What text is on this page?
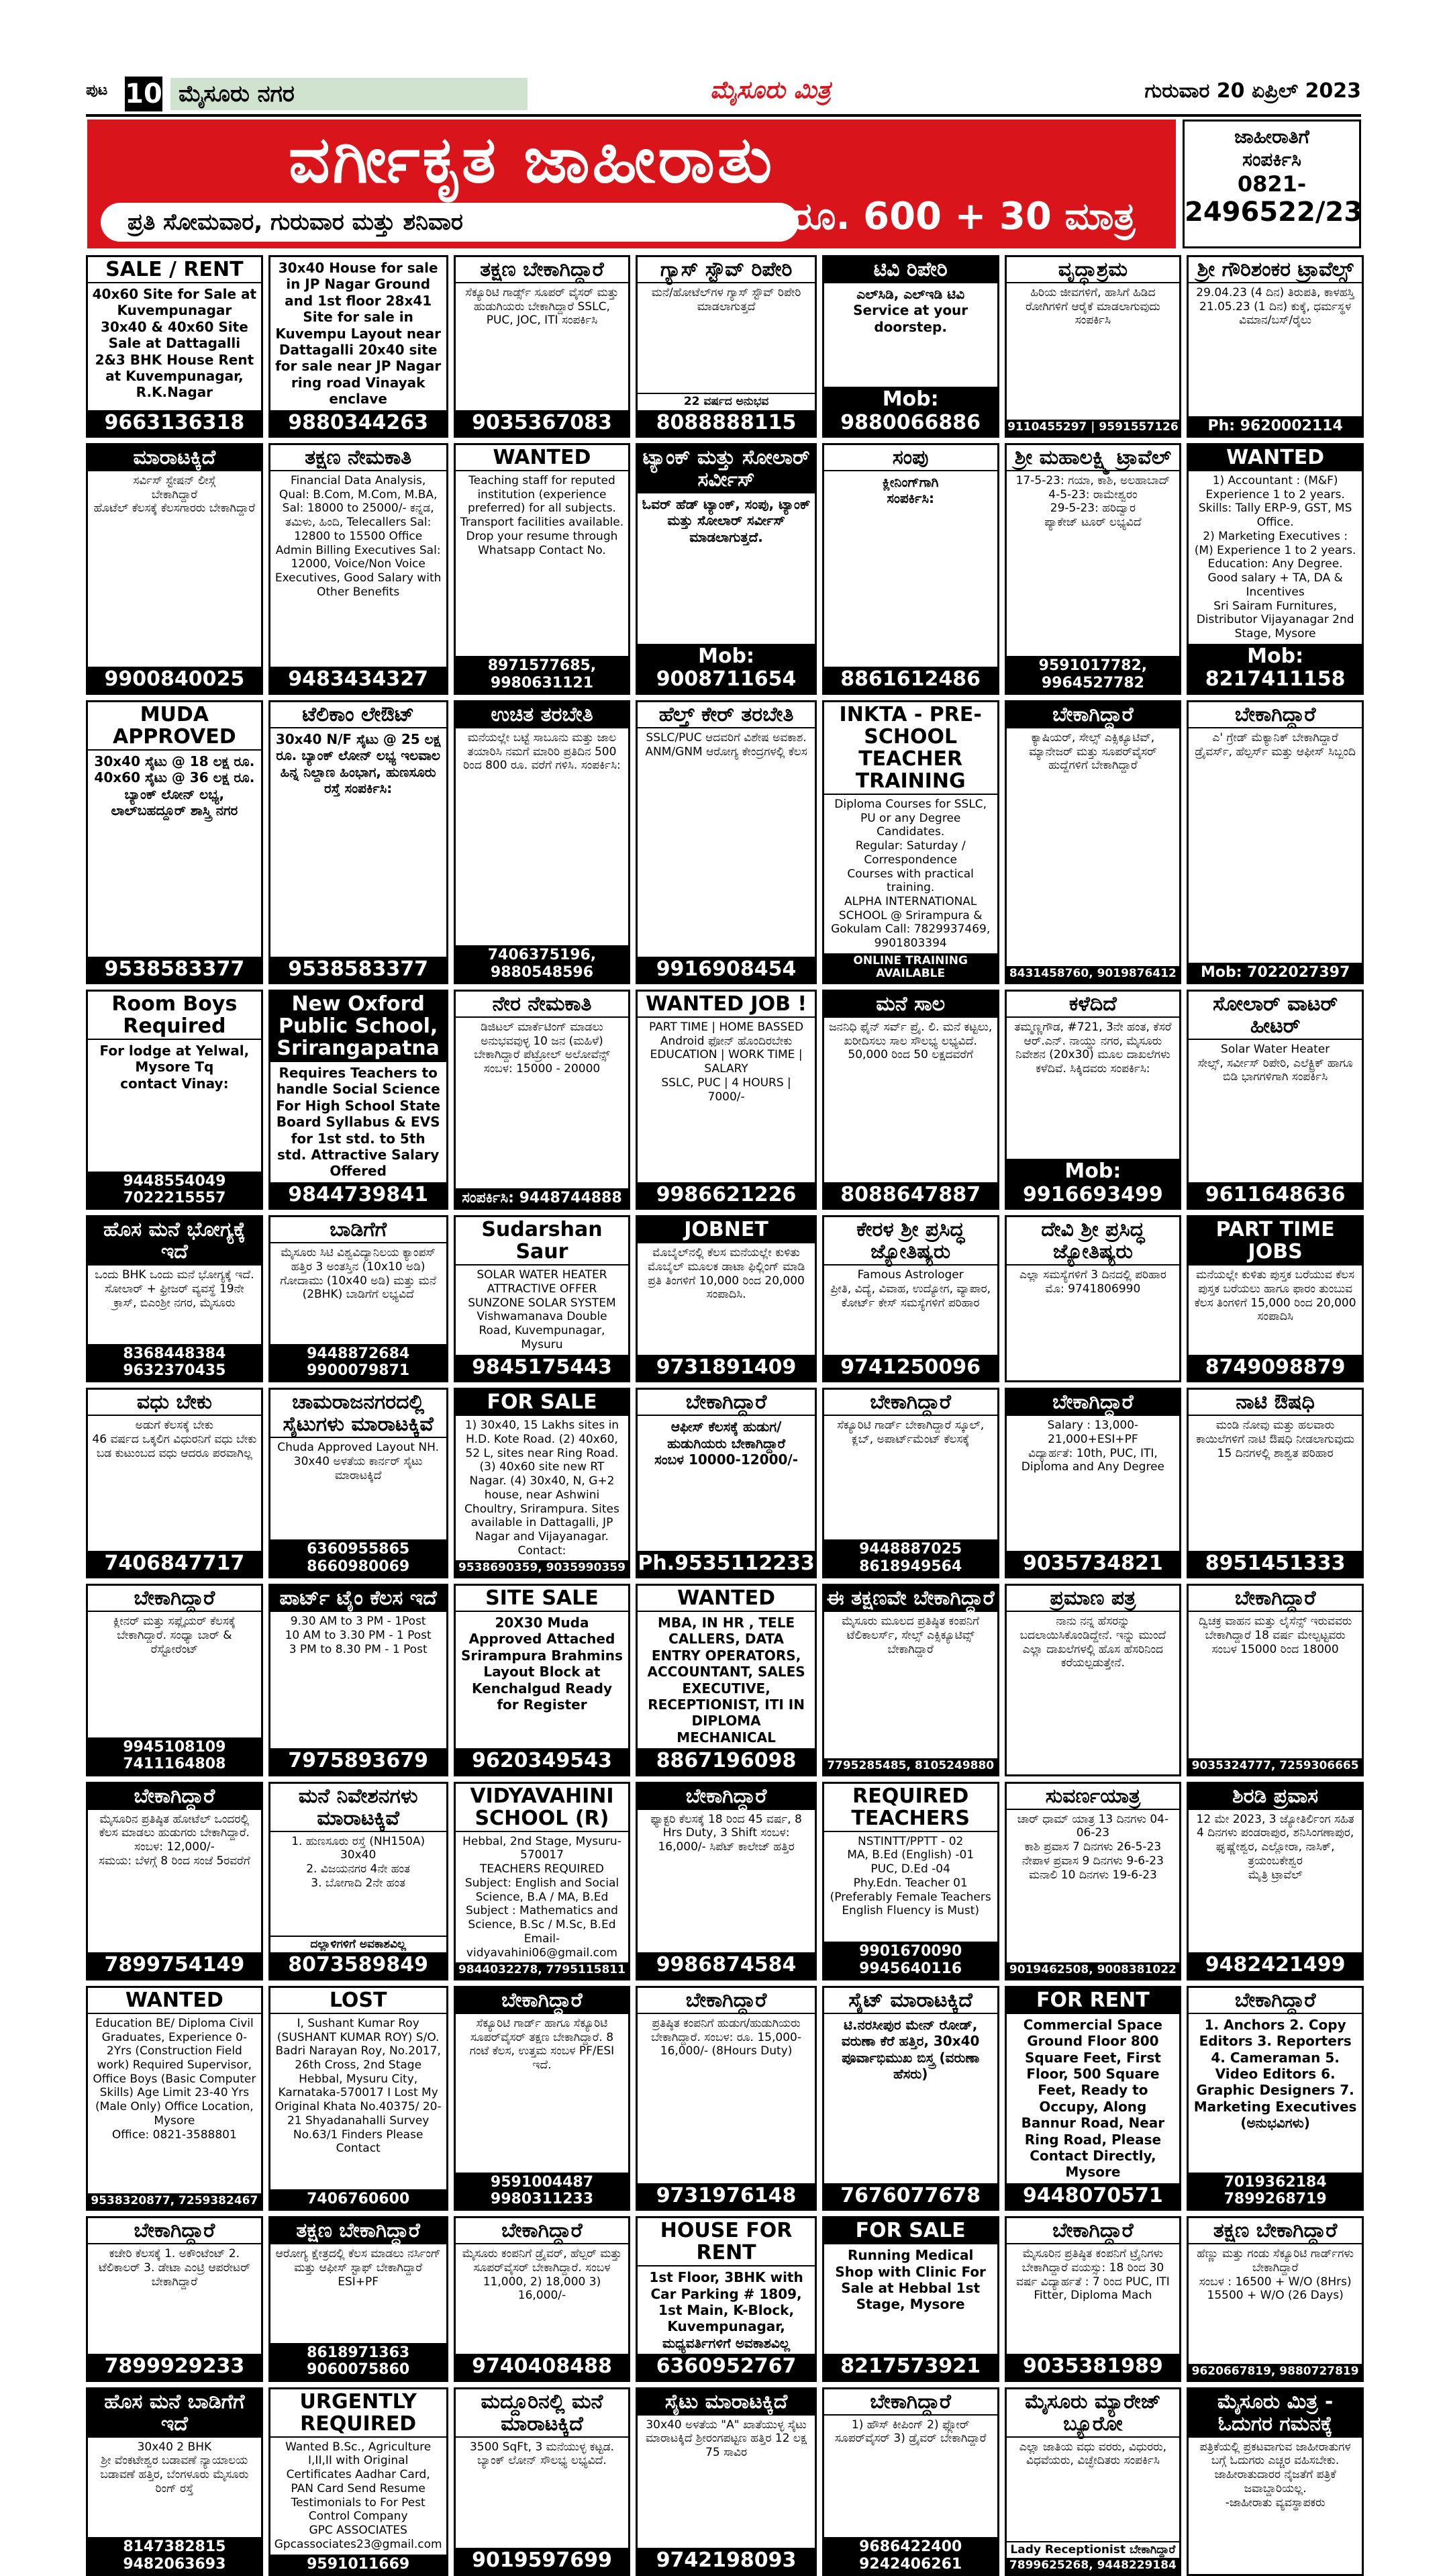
ಪುಟ 10 ಮೈಸೂರು ನಗರ	ಮೈಸೂರು ಮಿತ್ರ	ಗುರುವಾರ 20 ಏಪ್ರಿಲ್ 2023
ವರ್ಗೀಕೃತ ಜಾಹೀರಾತು
ಪ್ರತಿ ಸೋಮವಾರ, ಗುರುವಾರ ಮತ್ತು ಶನಿವಾರ	ರೂ. 600 + 30 ಮಾತ್ರ
ಜಾಹೀರಾತಿಗೆ
ಸಂಪರ್ಕಿಸಿ
0821-
2496522/23
SALE / RENT
40x60 Site for Sale at Kuvempunagar 30x40 & 40x60 Site Sale at Dattagalli 2&3 BHK House Rent at Kuvempunagar, R.K.Nagar
9663136318
30x40 House for sale in JP Nagar Ground and 1st floor 28x41 Site for sale in Kuvempu Layout near Dattagalli 20x40 site for sale near JP Nagar ring road Vinayak enclave
9880344263
ತಕ್ಷಣ ಬೇಕಾಗಿದ್ದಾರೆ
ಸೆಕ್ಯೂರಿಟಿ ಗಾರ್ಡ್ಸ್ ಸೂಪರ್ ವೈಸರ್ ಮತ್ತು ಹುಡುಗಿಯರು ಬೇಕಾಗಿದ್ದಾರೆ SSLC, PUC, JOC, ITI ಸಂಪರ್ಕಿಸಿ
9035367083
ಗ್ಯಾಸ್ ಸ್ಟೌವ್ ರಿಪೇರಿ
ಮನೆ/ಹೋಟೆಲ್‌ಗಳ ಗ್ಯಾಸ್ ಸ್ಟೌವ್ ರಿಪೇರಿ ಮಾಡಲಾಗುತ್ತದೆ
22 ವರ್ಷದ ಅನುಭವ
8088888115
ಟಿವಿ ರಿಪೇರಿ
ಎಲ್‌ಸಿಡಿ, ಎಲ್‌ಇಡಿ ಟಿವಿ
Service at your doorstep.
Mob: 9880066886
ವೃದ್ಧಾಶ್ರಮ
ಹಿರಿಯ ಜೀವಗಳಿಗೆ, ಹಾಸಿಗೆ ಹಿಡಿದ ರೋಗಿಗಳಿಗೆ ಆರೈಕೆ ಮಾಡಲಾಗುವುದು ಸಂಪರ್ಕಿಸಿ
9110455297 | 9591557126
ಶ್ರೀ ಗೌರಿಶಂಕರ ಟ್ರಾವೆಲ್ಸ್
29.04.23 (4 ದಿನ) ತಿರುಪತಿ, ಕಾಳಹಸ್ತಿ
21.05.23 (1 ದಿನ) ಕುಕ್ಕೆ, ಧರ್ಮಸ್ಥಳ
ವಿಮಾನ/ಬಸ್/ರೈಲು
Ph: 9620002114
ಮಾರಾಟಕ್ಕಿದೆ
ಸರ್ವಿಸ್ ಸ್ಟೇಷನ್ ಲೀಸ್ಗೆ
ಬೇಕಾಗಿದ್ದಾರೆ
ಹೊಟೆಲ್ ಕೆಲಸಕ್ಕೆ ಕೆಲಸಗಾರರು ಬೇಕಾಗಿದ್ದಾರೆ
9900840025
ತಕ್ಷಣ ನೇಮಕಾತಿ
Financial Data Analysis, Qual: B.Com, M.Com, M.BA, Sal: 18000 to 25000/- ಕನ್ನಡ, ತಮಿಳು, ಹಿಂದಿ, Telecallers Sal: 12800 to 15500 Office Admin Billing Executives Sal: 12000, Voice/Non Voice Executives, Good Salary with Other Benefits
9483434327
WANTED
Teaching staff for reputed institution (experience preferred) for all subjects. Transport facilities available. Drop your resume through Whatsapp Contact No.
8971577685, 9980631121
ಟ್ಯಾಂಕ್ ಮತ್ತು ಸೋಲಾರ್ ಸರ್ವೀಸ್
ಓವರ್ ಹೆಡ್ ಟ್ಯಾಂಕ್, ಸಂಪು, ಟ್ಯಾಂಕ್ ಮತ್ತು ಸೋಲಾರ್ ಸರ್ವೀಸ್ ಮಾಡಲಾಗುತ್ತದೆ.
Mob: 9008711654
ಸಂಪು
ಕ್ಲೀನಿಂಗ್‌ಗಾಗಿ
ಸಂಪರ್ಕಿಸಿ:
8861612486
ಶ್ರೀ ಮಹಾಲಕ್ಷ್ಮಿ ಟ್ರಾವೆಲ್
17-5-23: ಗಯಾ, ಕಾಶಿ, ಅಲಹಾಬಾದ್
4-5-23: ರಾಮೇಶ್ವರಂ
29-5-23: ಹರಿದ್ವಾರ
ಪ್ಯಾಕೇಜ್ ಟೂರ್ ಲಭ್ಯವಿದೆ
9591017782, 9964527782
WANTED
1) Accountant : (M&F) Experience 1 to 2 years. Skills: Tally ERP-9, GST, MS Office.
2) Marketing Executives : (M) Experience 1 to 2 years. Education: Any Degree. Good salary + TA, DA & Incentives
Sri Sairam Furnitures, Distributor Vijayanagar 2nd Stage, Mysore
Mob: 8217411158
MUDA APPROVED
30x40 ಸೈಟು @ 18 ಲಕ್ಷ ರೂ.
40x60 ಸೈಟು @ 36 ಲಕ್ಷ ರೂ.
ಬ್ಯಾಂಕ್ ಲೋನ್ ಲಭ್ಯ, ಲಾಲ್‌ಬಹದ್ದೂರ್ ಶಾಸ್ತ್ರಿ ನಗರ
9538583377
ಟೆಲಿಕಾಂ ಲೇಔಟ್
30x40 N/F ಸೈಟು @ 25 ಲಕ್ಷ ರೂ. ಬ್ಯಾಂಕ್ ಲೋನ್ ಲಭ್ಯ ಇಲವಾಲ ಹಿನ್ನ ನಿಲ್ದಾಣ ಹಿಂಭಾಗ, ಹುಣಸೂರು ರಸ್ತೆ ಸಂಪರ್ಕಿಸಿ:
9538583377
ಉಚಿತ ತರಬೇತಿ
ಮನೆಯಲ್ಲೇ ಬಟ್ಟೆ ಸಾಬೂನು ಮತ್ತು ಜಾಲ ತಯಾರಿಸಿ ನಮಗೆ ಮಾರಿರಿ ಪ್ರತಿದಿನ 500 ರಿಂದ 800 ರೂ. ವರೆಗೆ ಗಳಿಸಿ. ಸಂಪರ್ಕಿಸಿ:
7406375196, 9880548596
ಹೆಲ್ತ್ ಕೇರ್ ತರಬೇತಿ
SSLC/PUC ಆದವರಿಗೆ ವಿಶೇಷ ಅವಕಾಶ. ANM/GNM ಆರೋಗ್ಯ ಕೇಂದ್ರಗಳಲ್ಲಿ ಕೆಲಸ
9916908454
INKTA - PRE-SCHOOL TEACHER TRAINING
Diploma Courses for SSLC, PU or any Degree Candidates.
Regular: Saturday / Correspondence
Courses with practical training.
ALPHA INTERNATIONAL SCHOOL @ Srirampura & Gokulam Call: 7829937469, 9901803394
ONLINE TRAINING AVAILABLE
ಬೇಕಾಗಿದ್ದಾರೆ
ಕ್ಯಾಷಿಯರ್, ಸೇಲ್ಸ್ ಎಕ್ಸಿಕ್ಯೂಟಿವ್, ಮ್ಯಾನೇಜರ್ ಮತ್ತು ಸೂಪರ್‌ವೈಸರ್ ಹುದ್ದೆಗಳಿಗೆ ಬೇಕಾಗಿದ್ದಾರೆ
8431458760, 9019876412
ಬೇಕಾಗಿದ್ದಾರೆ
ಎ' ಗ್ರೇಡ್ ಮೆಕ್ಯಾನಿಕ್ ಬೇಕಾಗಿದ್ದಾರೆ ಡ್ರೈವರ್ಸ್, ಹೆಲ್ಪರ್ಸ್ ಮತ್ತು ಆಫೀಸ್ ಸಿಬ್ಬಂದಿ
Mob: 7022027397
Room Boys Required
For lodge at Yelwal, Mysore Tq
contact Vinay:
9448554049
7022215557
New Oxford Public School, Srirangapatna
Requires Teachers to handle Social Science For High School State Board Syllabus & EVS for 1st std. to 5th std. Attractive Salary Offered
9844739841
ನೇರ ನೇಮಕಾತಿ
ಡಿಜಿಟಲ್ ಮಾರ್ಕೆಟಿಂಗ್ ಮಾಡಲು ಅನುಭವವುಳ್ಳ 10 ಜನ (ಮಹಿಳೆ) ಬೇಕಾಗಿದ್ದಾರೆ ಪೆಟ್ರೋಲ್ ಅಲೋವೆನ್ಸ್ ಸಂಬಳ: 15000 - 20000
ಸಂಪರ್ಕಿಸಿ: 9448744888
WANTED JOB !
PART TIME | HOME BASSED
Android ಫೋನ್ ಹೊಂದಿರಬೇಕು
EDUCATION | WORK TIME | SALARY
SSLC, PUC | 4 HOURS | 7000/-
9986621226
ಮನೆ ಸಾಲ
ಜನನಿಧಿ ಫೈನ್ ಸರ್ವ್ ಪ್ರೈ. ಲಿ. ಮನೆ ಕಟ್ಟಲು, ಖರೀದಿಸಲು ಸಾಲ ಸೌಲಭ್ಯ ಲಭ್ಯವಿದೆ. 50,000 ರಿಂದ 50 ಲಕ್ಷದವರೆಗೆ
8088647887
ಕಳೆದಿದೆ
ತಮ್ಮಣ್ಣಗೌಡ, #721, 3ನೇ ಹಂತ, ಕೆಸರೆ ಆರ್.ಎನ್. ನಾಯ್ಡು ನಗರ, ಮೈಸೂರು ನಿವೇಶನ (20x30) ಮೂಲ ದಾಖಲೆಗಳು ಕಳೆದಿವೆ. ಸಿಕ್ಕಿದವರು ಸಂಪರ್ಕಿಸಿ:
Mob: 9916693499
ಸೋಲಾರ್ ವಾಟರ್ ಹೀಟರ್
Solar Water Heater
ಸೇಲ್ಸ್, ಸರ್ವೀಸ್ ರಿಪೇರಿ, ಎಲೆಕ್ಟ್ರಿಕ್ ಹಾಗೂ ಬಿಡಿ ಭಾಗಗಳಿಗಾಗಿ ಸಂಪರ್ಕಿಸಿ
9611648636
ಹೊಸ ಮನೆ ಭೋಗ್ಯಕ್ಕೆ ಇದೆ
ಒಂದು BHK ಒಂದು ಮನೆ ಭೋಗ್ಯಕ್ಕೆ ಇದೆ. ಸೋಲಾರ್ + ಫ್ರೀಜರ್ ವ್ಯವಸ್ಥೆ 19ನೇ ಕ್ರಾಸ್, ಬಿಎಂಶ್ರೀ ನಗರ, ಮೈಸೂರು
8368448384
9632370435
ಬಾಡಿಗೆಗೆ
ಮೈಸೂರು ಸಿಟಿ ವಿಶ್ವವಿದ್ಯಾನಿಲಯ ಕ್ಯಾಂಪಸ್ ಹತ್ತಿರ 3 ಅಂತಸ್ತಿನ (10x10 ಅಡಿ) ಗೋದಾಮು (10x40 ಅಡಿ) ಮತ್ತು ಮನೆ (2BHK) ಬಾಡಿಗೆಗೆ ಲಭ್ಯವಿದೆ
9448872684
9900079871
Sudarshan Saur
SOLAR WATER HEATER
ATTRACTIVE OFFER
SUNZONE SOLAR SYSTEM
Vishwamanava Double Road, Kuvempunagar, Mysuru
9845175443
JOBNET
ಮೊಬೈಲ್‌ನಲ್ಲಿ ಕೆಲಸ ಮನೆಯಲ್ಲೇ ಕುಳಿತು ಮೊಬೈಲ್ ಮೂಲಕ ಡಾಟಾ ಫಿಲ್ಲಿಂಗ್ ಮಾಡಿ ಪ್ರತಿ ತಿಂಗಳಿಗೆ 10,000 ರಿಂದ 20,000 ಸಂಪಾದಿಸಿ.
9731891409
ಕೇರಳ ಶ್ರೀ ಪ್ರಸಿದ್ಧ ಜ್ಯೋತಿಷ್ಯರು
Famous Astrologer
ಪ್ರೀತಿ, ವಿದ್ಯೆ, ವಿವಾಹ, ಉದ್ಯೋಗ, ವ್ಯಾಪಾರ, ಕೋರ್ಟ್ ಕೇಸ್ ಸಮಸ್ಯೆಗಳಿಗೆ ಪರಿಹಾರ
9741250096
ದೇವಿ ಶ್ರೀ ಪ್ರಸಿದ್ಧ ಜ್ಯೋತಿಷ್ಯರು
ಎಲ್ಲಾ ಸಮಸ್ಯೆಗಳಿಗೆ 3 ದಿನದಲ್ಲಿ ಪರಿಹಾರ
ಮೊ: 9741806990
PART TIME JOBS
ಮನೆಯಲ್ಲೇ ಕುಳಿತು ಪುಸ್ತಕ ಬರೆಯುವ ಕೆಲಸ ಪುಸ್ತಕ ಬರೆಯಲು ಹಾಗೂ ಫಾರಂ ತುಂಬುವ ಕೆಲಸ ತಿಂಗಳಿಗೆ 15,000 ರಿಂದ 20,000 ಸಂಪಾದಿಸಿ
8749098879
ವಧು ಬೇಕು
ಅಡುಗೆ ಕೆಲಸಕ್ಕೆ ಬೇಕು
46 ವರ್ಷದ ಒಕ್ಕಲಿಗ ವಿಧುರನಿಗೆ ವಧು ಬೇಕು ಬಡ ಕುಟುಂಬದ ವಧು ಆದರೂ ಪರವಾಗಿಲ್ಲ
7406847717
ಚಾಮರಾಜನಗರದಲ್ಲಿ ಸೈಟುಗಳು ಮಾರಾಟಕ್ಕಿವೆ
Chuda Approved Layout NH. 30x40 ಅಳತೆಯ ಕಾರ್ನರ್ ಸೈಟು ಮಾರಾಟಕ್ಕಿದೆ
6360955865
8660980069
FOR SALE
1) 30x40, 15 Lakhs sites in H.D. Kote Road. (2) 40x60, 52 L, sites near Ring Road. (3) 40x60 site new RT Nagar. (4) 30x40, N, G+2 house, near Ashwini Choultry, Srirampura. Sites available in Dattagalli, JP Nagar and Vijayanagar. Contact:
9538690359, 9035990359
ಬೇಕಾಗಿದ್ದಾರೆ
ಆಫೀಸ್ ಕೆಲಸಕ್ಕೆ ಹುಡುಗ/ ಹುಡುಗಿಯರು ಬೇಕಾಗಿದ್ದಾರೆ
ಸಂಬಳ 10000-12000/-
Ph.9535112233
ಬೇಕಾಗಿದ್ದಾರೆ
ಸೆಕ್ಯೂರಿಟಿ ಗಾರ್ಡ್ ಬೇಕಾಗಿದ್ದಾರೆ ಸ್ಕೂಲ್, ಕ್ಲಬ್, ಅಪಾರ್ಟ್‌ಮೆಂಟ್ ಕೆಲಸಕ್ಕೆ
9448887025
8618949564
ಬೇಕಾಗಿದ್ದಾರೆ
Salary : 13,000-21,000+ESI+PF
ವಿದ್ಯಾರ್ಹತೆ: 10th, PUC, ITI, Diploma and Any Degree
9035734821
ನಾಟಿ ಔಷಧಿ
ಮಂಡಿ ನೋವು ಮತ್ತು ಹಲವಾರು ಕಾಯಿಲೆಗಳಿಗೆ ನಾಟಿ ಔಷಧಿ ನೀಡಲಾಗುವುದು 15 ದಿನಗಳಲ್ಲಿ ಶಾಶ್ವತ ಪರಿಹಾರ
8951451333
ಬೇಕಾಗಿದ್ದಾರೆ
ಕ್ಲೀನರ್ ಮತ್ತು ಸಪ್ಲೈಯರ್ ಕೆಲಸಕ್ಕೆ ಬೇಕಾಗಿದ್ದಾರೆ. ಸಂಧ್ಯಾ ಬಾರ್ & ರೆಸ್ಟೋರೆಂಟ್
9945108109
7411164808
ಪಾರ್ಟ್ ಟೈಂ ಕೆಲಸ ಇದೆ
9.30 AM to 3 PM - 1Post
10 AM to 3.30 PM - 1 Post
3 PM to 8.30 PM - 1 Post
7975893679
SITE SALE
20X30 Muda Approved Attached Srirampura Brahmins Layout Block at Kenchalgud Ready for Register
9620349543
WANTED
MBA, IN HR , TELE CALLERS, DATA ENTRY OPERATORS, ACCOUNTANT, SALES EXECUTIVE, RECEPTIONIST, ITI IN DIPLOMA MECHANICAL
8867196098
ಈ ತಕ್ಷಣವೇ ಬೇಕಾಗಿದ್ದಾರೆ
ಮೈಸೂರು ಮೂಲದ ಪ್ರತಿಷ್ಠಿತ ಕಂಪನಿಗೆ ಟೆಲಿಕಾಲರ್ಸ್, ಸೇಲ್ಸ್ ಎಕ್ಸಿಕ್ಯೂಟಿವ್ಸ್ ಬೇಕಾಗಿದ್ದಾರೆ
7795285485, 8105249880
ಪ್ರಮಾಣ ಪತ್ರ
ನಾನು ನನ್ನ ಹೆಸರನ್ನು ಬದಲಾಯಿಸಿಕೊಂಡಿದ್ದೇನೆ. ಇನ್ನು ಮುಂದೆ ಎಲ್ಲಾ ದಾಖಲೆಗಳಲ್ಲಿ ಹೊಸ ಹೆಸರಿನಿಂದ ಕರೆಯಲ್ಪಡುತ್ತೇನೆ.
ಬೇಕಾಗಿದ್ದಾರೆ
ದ್ವಿಚಕ್ರ ವಾಹನ ಮತ್ತು ಲೈಸೆನ್ಸ್ ಇರುವವರು ಬೇಕಾಗಿದ್ದಾರೆ 18 ವರ್ಷ ಮೇಲ್ಪಟ್ಟವರು ಸಂಬಳ 15000 ರಿಂದ 18000
9035324777, 7259306665
ಬೇಕಾಗಿದ್ದಾರೆ
ಮೈಸೂರಿನ ಪ್ರತಿಷ್ಠಿತ ಹೋಟೆಲ್ ಒಂದರಲ್ಲಿ ಕೆಲಸ ಮಾಡಲು ಹುಡುಗರು ಬೇಕಾಗಿದ್ದಾರೆ. ಸಂಬಳ: 12,000/-
ಸಮಯ: ಬೆಳಗ್ಗೆ 8 ರಿಂದ ಸಂಜೆ 5ರವರೆಗೆ
7899754149
ಮನೆ ನಿವೇಶನಗಳು ಮಾರಾಟಕ್ಕಿವೆ
1. ಹುಣಸೂರು ರಸ್ತೆ (NH150A) 30x40
2. ವಿಜಯನಗರ 4ನೇ ಹಂತ
3. ಬೋಗಾದಿ 2ನೇ ಹಂತ
ದಲ್ಲಾಳಿಗಳಿಗೆ ಅವಕಾಶವಿಲ್ಲ
8073589849
VIDYAVAHINI SCHOOL (R)
Hebbal, 2nd Stage, Mysuru-570017
TEACHERS REQUIRED
Subject: English and Social Science, B.A / MA, B.Ed
Subject : Mathematics and Science, B.Sc / M.Sc, B.Ed
Email-vidyavahini06@gmail.com
9844032278, 7795115811
ಬೇಕಾಗಿದ್ದಾರೆ
ಫ್ಯಾಕ್ಟರಿ ಕೆಲಸಕ್ಕೆ 18 ರಿಂದ 45 ವರ್ಷ, 8 Hrs Duty, 3 Shift ಸಂಬಳ: 16,000/- ಸಿಪೆಟ್ ಕಾಲೇಜ್ ಹತ್ತಿರ
9986874584
REQUIRED TEACHERS
NSTINTT/PPTT - 02
MA, B.Ed (English) -01
PUC, D.Ed -04
Phy.Edn. Teacher 01
(Preferably Female Teachers English Fluency is Must)
9901670090
9945640116
ಸುವರ್ಣಯಾತ್ರ
ಚಾರ್ ಧಾಮ್ ಯಾತ್ರ 13 ದಿನಗಳು 04-06-23
ಕಾಶಿ ಪ್ರವಾಸ 7 ದಿನಗಳು 26-5-23
ನೇಪಾಳ ಪ್ರವಾಸ 9 ದಿನಗಳು 9-6-23
ಮನಾಲಿ 10 ದಿನಗಳು 19-6-23
9019462508, 9008381022
ಶಿರಡಿ ಪ್ರವಾಸ
12 ಮೇ 2023, 3 ಜ್ಯೋತಿರ್ಲಿಂಗ ಸಹಿತ 4 ದಿನಗಳು ಪಂಡರಾಪುರ, ಶನಿಸಿಂಗಣಾಪುರ, ಘೃಷ್ಣೇಶ್ವರ, ಎಲ್ಲೋರಾ, ನಾಸಿಕ್, ತ್ರಯಂಬಕೇಶ್ವರ
ಮೈತ್ರಿ ಟ್ರಾವೆಲ್
9482421499
WANTED
Education BE/ Diploma Civil Graduates, Experience 0-2Yrs (Construction Field work) Required Supervisor, Office Boys (Basic Computer Skills) Age Limit 23-40 Yrs (Male Only) Office Location, Mysore
Office: 0821-3588801
9538320877, 7259382467
LOST
I, Sushant Kumar Roy (SUSHANT KUMAR ROY) S/O. Badri Narayan Roy, No.2017, 26th Cross, 2nd Stage Hebbal, Mysuru City, Karnataka-570017 I Lost My Original Khata No.40375/ 20-21 Shyadanahalli Survey No.63/1 Finders Please Contact
7406760600
ಬೇಕಾಗಿದ್ದಾರೆ
ಸೆಕ್ಯೂರಿಟಿ ಗಾರ್ಡ್ ಹಾಗೂ ಸೆಕ್ಯೂರಿಟಿ ಸೂಪರ್‌ವೈಸರ್ ತಕ್ಷಣ ಬೇಕಾಗಿದ್ದಾರೆ. 8 ಗಂಟೆ ಕೆಲಸ, ಉತ್ತಮ ಸಂಬಳ PF/ESI ಇದೆ.
9591004487
9980311233
ಬೇಕಾಗಿದ್ದಾರೆ
ಪ್ರತಿಷ್ಠಿತ ಕಂಪನಿಗೆ ಹುಡುಗ/ಹುಡುಗಿಯರು ಬೇಕಾಗಿದ್ದಾರೆ. ಸಂಬಳ: ರೂ. 15,000-16,000/- (8Hours Duty)
9731976148
ಸೈಟ್ ಮಾರಾಟಕ್ಕಿದೆ
ಟಿ.ನರಸೀಪುರ ಮೇನ್ ರೋಡ್, ವರುಣಾ ಕೆರೆ ಹತ್ತಿರ, 30x40 ಪೂರ್ವಾಭಿಮುಖ ಬಿಸ್ತ್ರ (ವರುಣಾ ಹೆಸರು)
7676077678
FOR RENT
Commercial Space Ground Floor 800 Square Feet, First Floor, 500 Square Feet, Ready to Occupy, Along Bannur Road, Near Ring Road, Please Contact Directly, Mysore
9448070571
ಬೇಕಾಗಿದ್ದಾರೆ
1. Anchors 2. Copy Editors 3. Reporters 4. Cameraman 5. Video Editors 6. Graphic Designers 7. Marketing Executives (ಅನುಭವಿಗಳು)
7019362184
7899268719
ಬೇಕಾಗಿದ್ದಾರೆ
ಕಚೇರಿ ಕೆಲಸಕ್ಕೆ 1. ಅಕೌಂಟೆಂಟ್ 2. ಟೆಲಿಕಾಲರ್ 3. ಡೇಟಾ ಎಂಟ್ರಿ ಆಪರೇಟರ್ ಬೇಕಾಗಿದ್ದಾರೆ
7899929233
ತಕ್ಷಣ ಬೇಕಾಗಿದ್ದಾರೆ
ಆರೋಗ್ಯ ಕ್ಷೇತ್ರದಲ್ಲಿ ಕೆಲಸ ಮಾಡಲು ನರ್ಸಿಂಗ್ ಮತ್ತು ಆಫೀಸ್ ಸ್ಟಾಫ್ ಬೇಕಾಗಿದ್ದಾರೆ ESI+PF
8618971363
9060075860
ಬೇಕಾಗಿದ್ದಾರೆ
ಮೈಸೂರು ಕಂಪನಿಗೆ ಡ್ರೈವರ್, ಹೆಲ್ಪರ್ ಮತ್ತು ಸೂಪರ್‌ವೈಸರ್ ಬೇಕಾಗಿದ್ದಾರೆ. ಸಂಬಳ 11,000, 2) 18,000 3) 16,000/-
9740408488
HOUSE FOR RENT
1st Floor, 3BHK with Car Parking # 1809, 1st Main, K-Block, Kuvempunagar,
ಮಧ್ಯವರ್ತಿಗಳಿಗೆ ಅವಕಾಶವಿಲ್ಲ
6360952767
FOR SALE
Running Medical Shop with Clinic For Sale at Hebbal 1st Stage, Mysore
8217573921
ಬೇಕಾಗಿದ್ದಾರೆ
ಮೈಸೂರಿನ ಪ್ರತಿಷ್ಠಿತ ಕಂಪನಿಗೆ ಟ್ರೈನಿಗಳು ಬೇಕಾಗಿದ್ದಾರೆ ವಯಸ್ಸು: 18 ರಿಂದ 30 ವರ್ಷ ವಿದ್ಯಾರ್ಹತೆ : 7 ರಿಂದ PUC, ITI Fitter, Diploma Mach
9035381989
ತಕ್ಷಣ ಬೇಕಾಗಿದ್ದಾರೆ
ಹೆಣ್ಣು ಮತ್ತು ಗಂಡು ಸೆಕ್ಯೂರಿಟಿ ಗಾರ್ಡ್‌ಗಳು ಬೇಕಾಗಿದ್ದಾರೆ
ಸಂಬಳ : 16500 + W/O (8Hrs) 15500 + W/O (26 Days)
9620667819, 9880727819
ಹೊಸ ಮನೆ ಬಾಡಿಗೆಗೆ ಇದೆ
30x40 2 BHK
ಶ್ರೀ ವೆಂಕಟೇಶ್ವರ ಬಡಾವಣೆ ನ್ಯಾಯಾಲಯ ಬಡಾವಣೆ ಹತ್ತಿರ, ಬೆಂಗಳೂರು ಮೈಸೂರು ರಿಂಗ್ ರಸ್ತೆ
8147382815
9482063693
URGENTLY REQUIRED
Wanted B.Sc., Agriculture I,II,II with Original Certificates Aadhar Card, PAN Card Send Resume Testimonials to For Pest Control Company
GPC ASSOCIATES
Gpcassociates23@gmail.com
9591011669
ಮದ್ದೂರಿನಲ್ಲಿ ಮನೆ ಮಾರಾಟಕ್ಕಿದೆ
3500 SqFt, 3 ಮನೆಯುಳ್ಳ ಕಟ್ಟಡ. ಬ್ಯಾಂಕ್ ಲೋನ್ ಸೌಲಭ್ಯ ಲಭ್ಯವಿದೆ.
9019597699
ಸೈಟು ಮಾರಾಟಕ್ಕಿದೆ
30x40 ಅಳತೆಯ "A" ಖಾತೆಯುಳ್ಳ ಸೈಟು ಮಾರಾಟಕ್ಕಿದೆ ಶ್ರೀರಂಗಪಟ್ಟಣ ಹತ್ತಿರ 12 ಲಕ್ಷ 75 ಸಾವಿರ
9742198093
ಬೇಕಾಗಿದ್ದಾರೆ
1) ಹೌಸ್ ಕೀಪಿಂಗ್ 2) ಫ್ಲೋರ್ ಸೂಪರ್‌ವೈಸರ್ 3) ಡ್ರೈವರ್ ಬೇಕಾಗಿದ್ದಾರೆ
9686422400
9242406261
ಮೈಸೂರು ಮ್ಯಾರೇಜ್ ಬ್ಯೂರೋ
ಎಲ್ಲಾ ಜಾತಿಯ ವಧು ವರರು, ವಿಧುರರು, ವಿಧವೆಯರು, ವಿಚ್ಛೇದಿತರು ಸಂಪರ್ಕಿಸಿ
Lady Receptionist ಬೇಕಾಗಿದ್ದಾರೆ
7899625268, 9448229184
ಮೈಸೂರು ಮಿತ್ರ - ಓದುಗರ ಗಮನಕ್ಕೆ
ಪತ್ರಿಕೆಯಲ್ಲಿ ಪ್ರಕಟವಾಗುವ ಜಾಹೀರಾತುಗಳ ಬಗ್ಗೆ ಓದುಗರು ಎಚ್ಚರ ವಹಿಸಬೇಕು. ಜಾಹೀರಾತುದಾರರ ನೈಜತೆಗೆ ಪತ್ರಿಕೆ ಜವಾಬ್ದಾರಿಯಲ್ಲ.
-ಜಾಹೀರಾತು ವ್ಯವಸ್ಥಾಪಕರು
